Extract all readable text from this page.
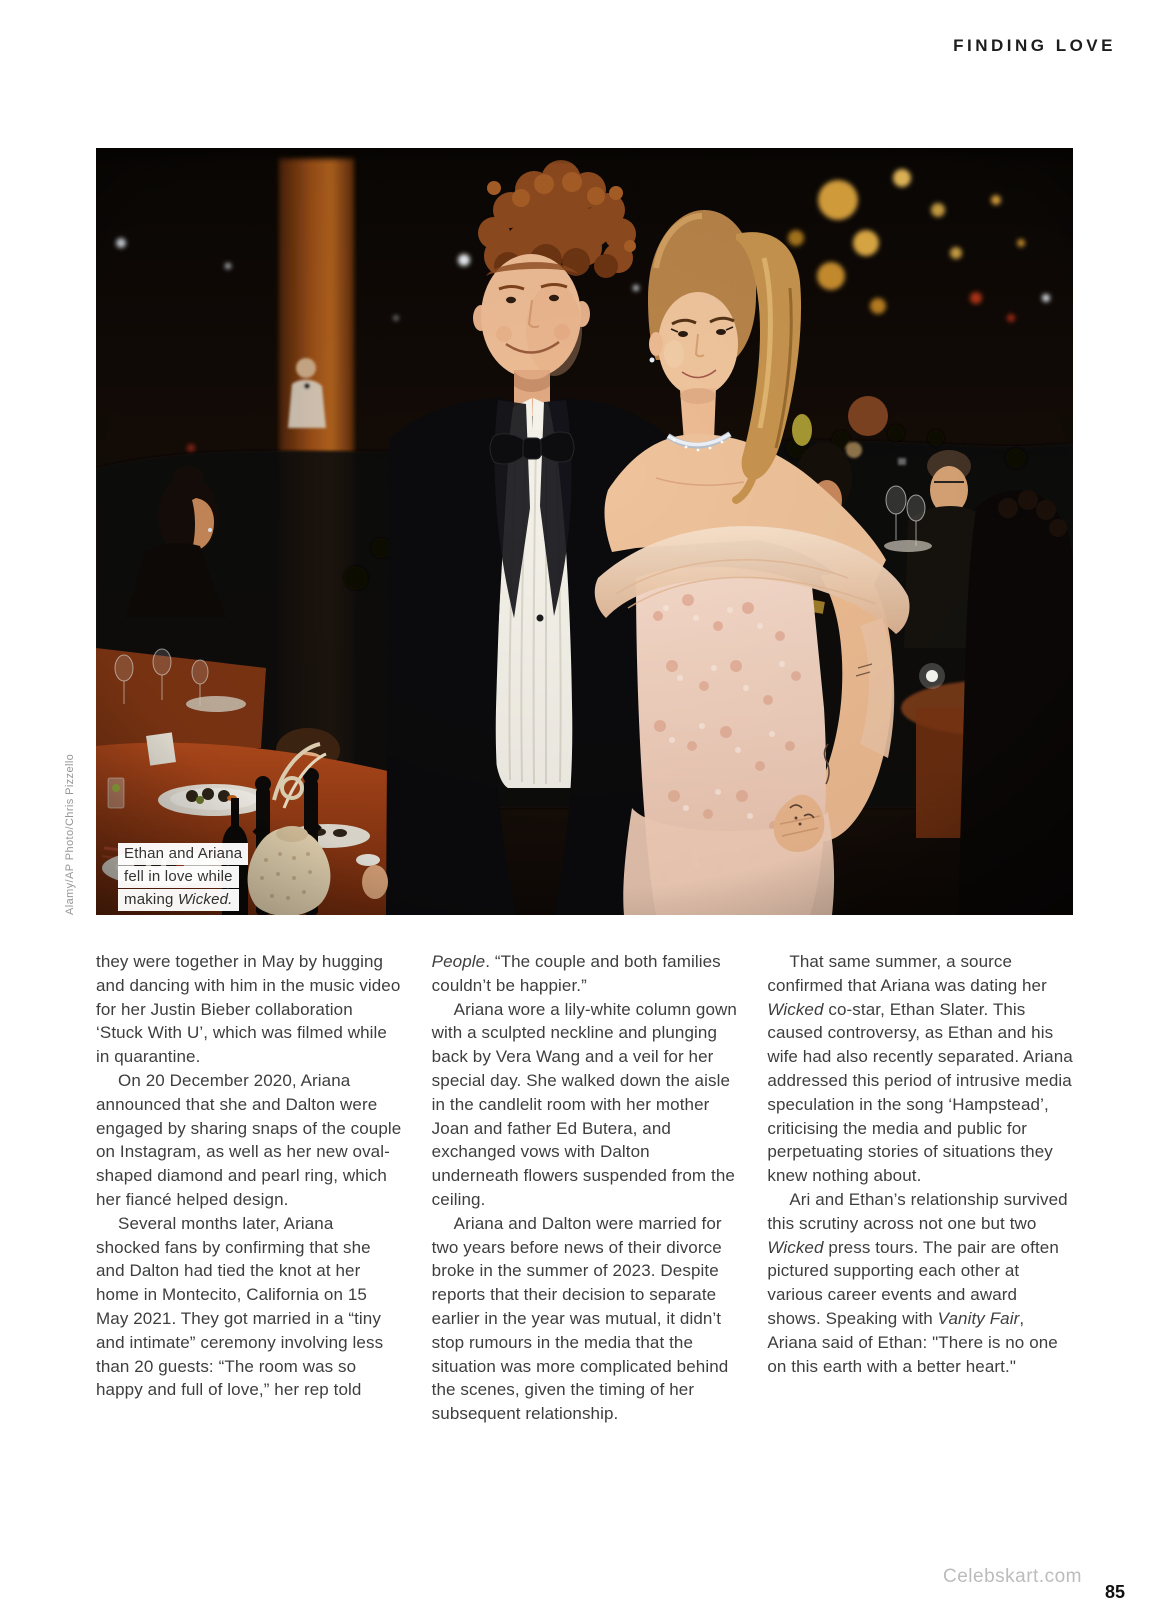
FINDING LOVE
Ethan and Ariana
fell in love while
making Wicked.
Alamy/AP Photo/Chris Pizzello

they were together in May by hugging and dancing with him in the music video for her Justin Bieber collaboration ‘Stuck With U’, which was filmed while in quarantine.

On 20 December 2020, Ariana announced that she and Dalton were engaged by sharing snaps of the couple on Instagram, as well as her new oval-shaped diamond and pearl ring, which her fiancé helped design.

Several months later, Ariana shocked fans by confirming that she and Dalton had tied the knot at her home in Montecito, California on 15 May 2021. They got married in a “tiny and intimate” ceremony involving less than 20 guests: “The room was so happy and full of love,” her rep told

People. “The couple and both families couldn’t be happier.”

Ariana wore a lily-white column gown with a sculpted neckline and plunging back by Vera Wang and a veil for her special day. She walked down the aisle in the candlelit room with her mother Joan and father Ed Butera, and exchanged vows with Dalton underneath flowers suspended from the ceiling.

Ariana and Dalton were married for two years before news of their divorce broke in the summer of 2023. Despite reports that their decision to separate earlier in the year was mutual, it didn’t stop rumours in the media that the situation was more complicated behind the scenes, given the timing of her subsequent relationship.

That same summer, a source confirmed that Ariana was dating her Wicked co-star, Ethan Slater. This caused controversy, as Ethan and his wife had also recently separated. Ariana addressed this period of intrusive media speculation in the song ‘Hampstead’, criticising the media and public for perpetuating stories of situations they knew nothing about.

Ari and Ethan’s relationship survived this scrutiny across not one but two Wicked press tours. The pair are often pictured supporting each other at various career events and award shows. Speaking with Vanity Fair, Ariana said of Ethan: "There is no one on this earth with a better heart."

Celebskart.com
85
